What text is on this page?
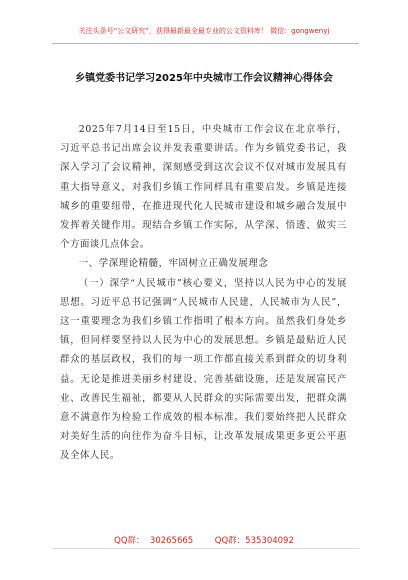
关注头条号“公文研究”，获得最新最全最专业的公文资料库！ 微信：gongwenyj
乡镇党委书记学习2025年中央城市工作会议精神心得体会

2025年7月14日至15日，中央城市工作会议在北京举行，习近平总书记出席会议并发表重要讲话。作为乡镇党委书记，我深入学习了会议精神，深刻感受到这次会议不仅对城市发展具有重大指导意义，对我们乡镇工作同样具有重要启发。乡镇是连接城乡的重要纽带，在推进现代化人民城市建设和城乡融合发展中发挥着关键作用。现结合乡镇工作实际，从学深、悟透、做实三个方面谈几点体会。

一、学深理论精髓，牢固树立正确发展理念

（一）深学“人民城市”核心要义，坚持以人民为中心的发展思想。习近平总书记强调“人民城市人民建，人民城市为人民”，这一重要理念为我们乡镇工作指明了根本方向。虽然我们身处乡镇，但同样要坚持以人民为中心的发展思想。乡镇是最贴近人民群众的基层政权，我们的每一项工作都直接关系到群众的切身利益。无论是推进美丽乡村建设、完善基础设施，还是发展富民产业、改善民生福祉，都要从人民群众的实际需要出发，把群众满意不满意作为检验工作成效的根本标准。我们要始终把人民群众对美好生活的向往作为奋斗目标，让改革发展成果更多更公平惠及全体人民。

QQ群：  30265665        QQ群：535304092
